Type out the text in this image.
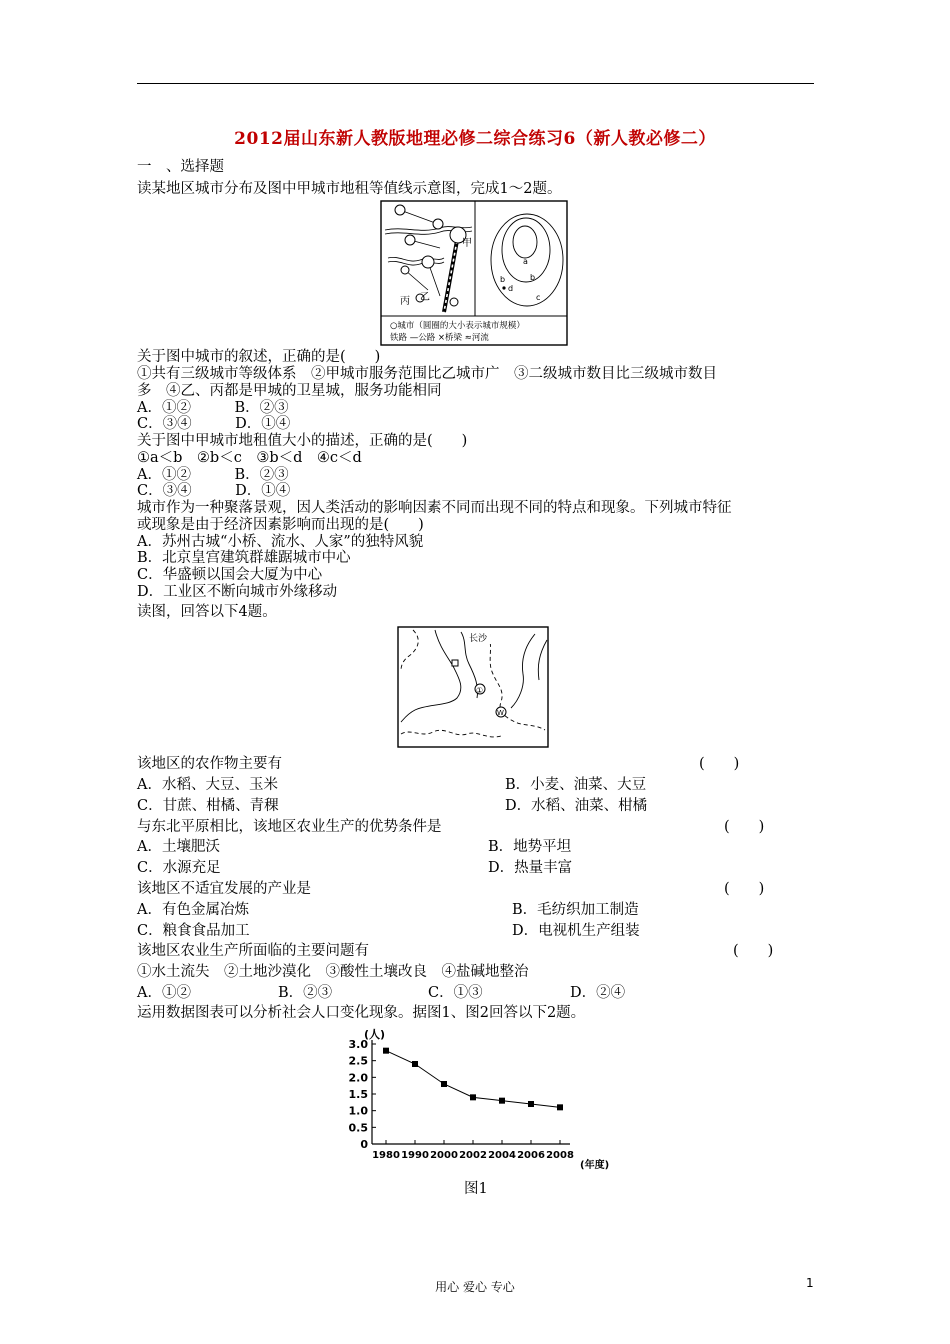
2012届山东新人教版地理必修二综合练习6（新人教必修二）
一　、选择题
读某地区城市分布及图中甲城市地租等值线示意图，完成1～2题。
甲
乙
丙
a
b
b
d
c
○城市（圆圈的大小表示城市规模）
铁路 —公路 ×桥梁 ≈河流
关于图中城市的叙述，正确的是(　　)
①共有三级城市等级体系　②甲城市服务范围比乙城市广　③二级城市数目比三级城市数目
多　④乙、丙都是甲城的卫星城，服务功能相同
A．①②　　　B．②③
C．③④　　　D．①④
关于图中甲城市地租值大小的描述，正确的是(　　)
①a＜b　②b＜c　③b＜d　④c＜d
A．①②　　　B．②③
C．③④　　　D．①④
城市作为一种聚落景观，因人类活动的影响因素不同而出现不同的特点和现象。下列城市特征
或现象是由于经济因素影响而出现的是(　　)
A．苏州古城“小桥、流水、人家”的独特风貌
B．北京皇宫建筑群雄踞城市中心
C．华盛顿以国会大厦为中心
D．工业区不断向城市外缘移动
读图，回答以下4题。
长沙
①
W
该地区的农作物主要有	(　　)
A．水稻、大豆、玉米	B．小麦、油菜、大豆
C．甘蔗、柑橘、青稞	D．水稻、油菜、柑橘
与东北平原相比，该地区农业生产的优势条件是	(　　)
A．土壤肥沃	B．地势平坦
C．水源充足	D．热量丰富
该地区不适宜发展的产业是	(　　)
A．有色金属冶炼	B．毛纺织加工制造
C．粮食食品加工	D．电视机生产组装
该地区农业生产所面临的主要问题有	(　　)
①水土流失　②土地沙漠化　③酸性土壤改良　④盐碱地整治
A．①②	B．②③	C．①③	D．②④
运用数据图表可以分析社会人口变化现象。据图1、图2回答以下2题。
(人)
3.0
2.5
2.0
1.5
1.0
0.5
0
1980 1990 2000 2002 2004 2006 2008
(年度)
图1
用心 爱心 专心	1
